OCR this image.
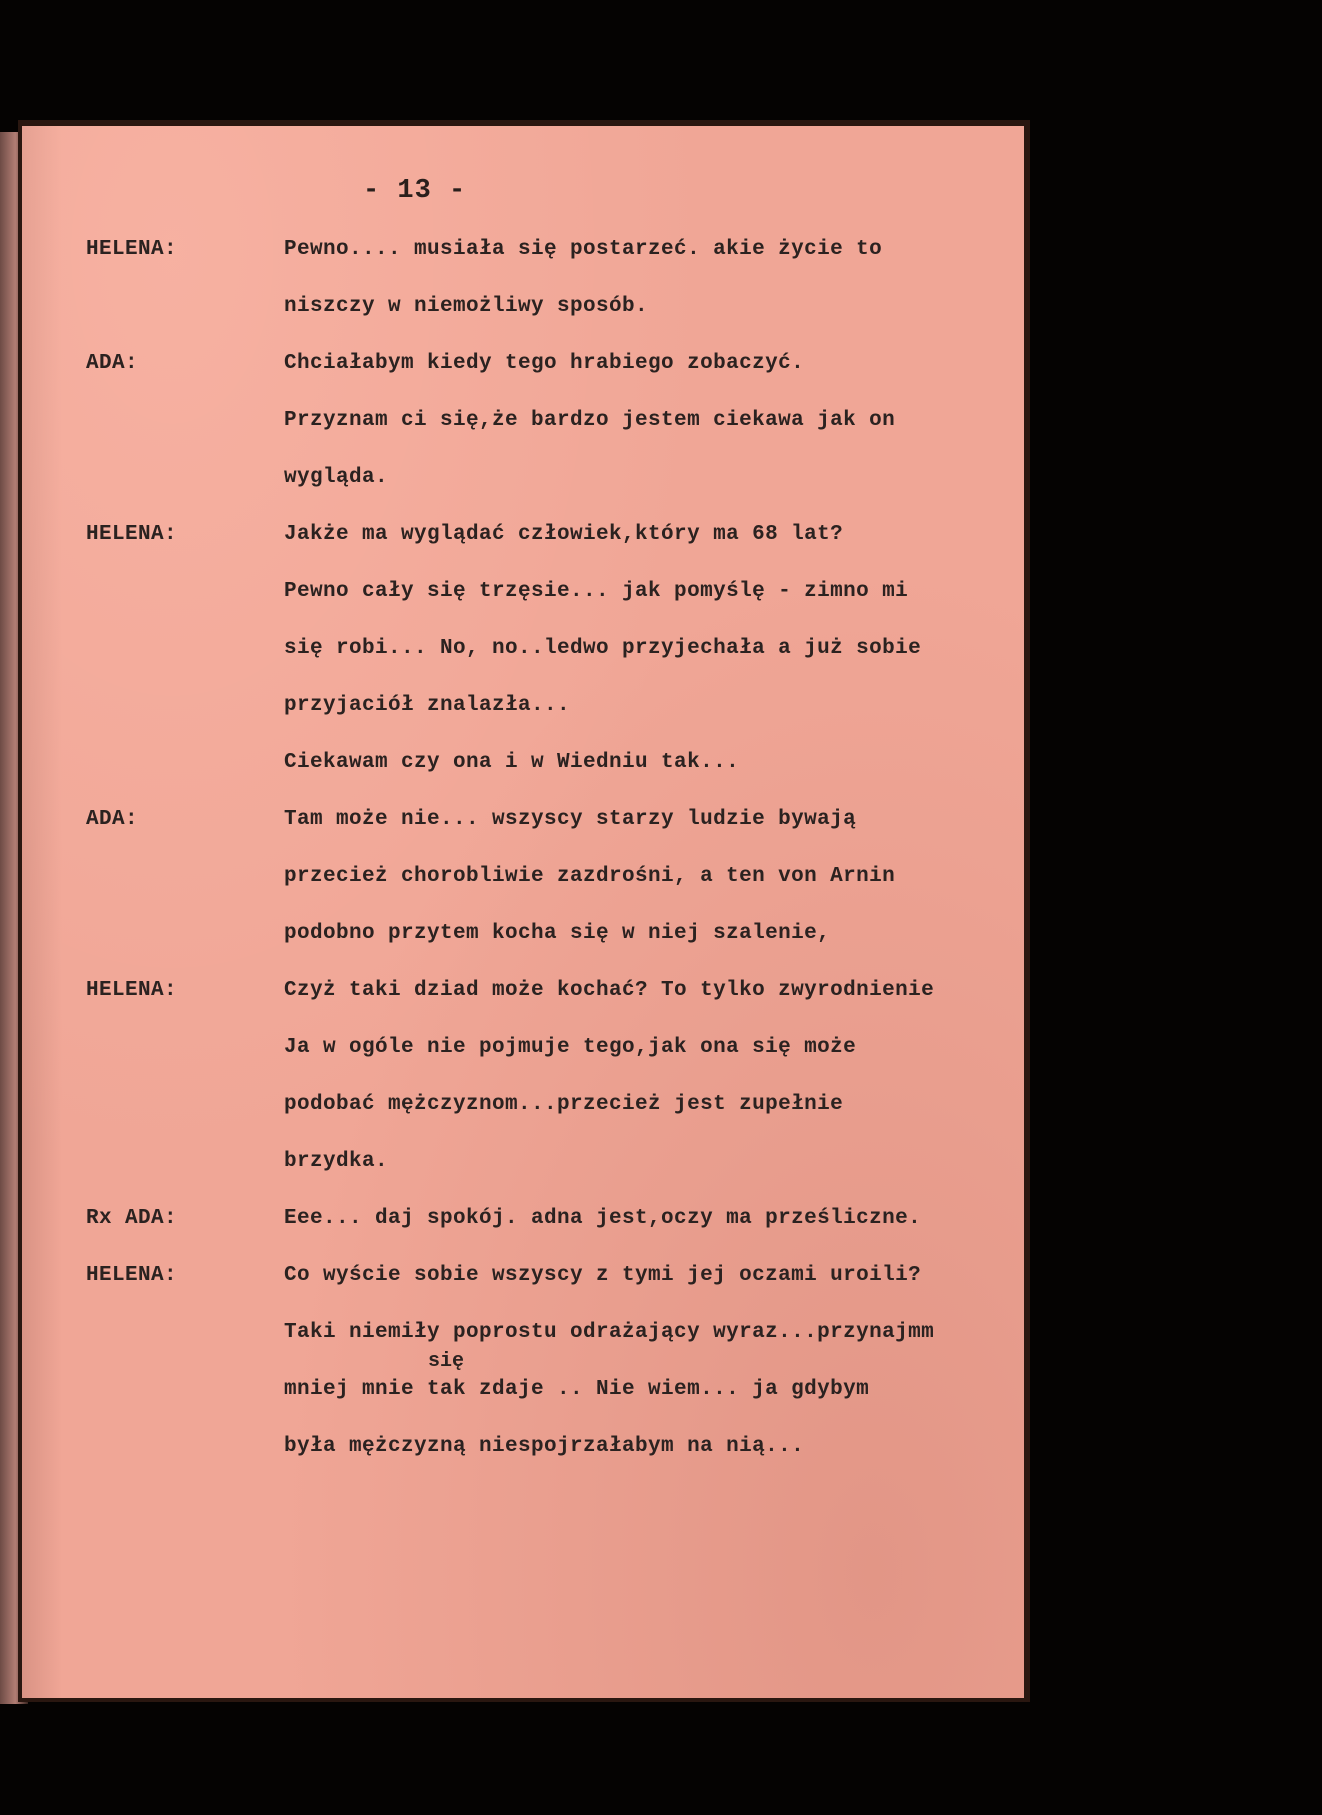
- 13 -
HELENA:	Pewno.... musiała się postarzeć. akie życie to
niszczy w niemożliwy sposób.
ADA:	Chciałabym kiedy tego hrabiego zobaczyć.
Przyznam ci się,że bardzo jestem ciekawa jak on
wygląda.
HELENA:	Jakże ma wyglądać człowiek,który ma 68 lat?
Pewno cały się trzęsie... jak pomyślę - zimno mi
się robi... No, no..ledwo przyjechała a już sobie
przyjaciół znalazła...
Ciekawam czy ona i w Wiedniu tak...
ADA:	Tam może nie... wszyscy starzy ludzie bywają
przecież chorobliwie zazdrośni, a ten von Arnin
podobno przytem kocha się w niej szalenie,
HELENA:	Czyż taki dziad może kochać? To tylko zwyrodnienie
Ja w ogóle nie pojmuje tego,jak ona się może
podobać mężczyznom...przecież jest zupełnie
brzydka.
Rx ADA:	Eee... daj spokój. adna jest,oczy ma prześliczne.
HELENA:	Co wyście sobie wszyscy z tymi jej oczami uroili?
Taki niemiły poprostu odrażający wyraz...przynajmm
mniej mnie tak zdaje .. Nie wiem... ja gdybym
była mężczyzną niespojrzałabym na nią...
się
